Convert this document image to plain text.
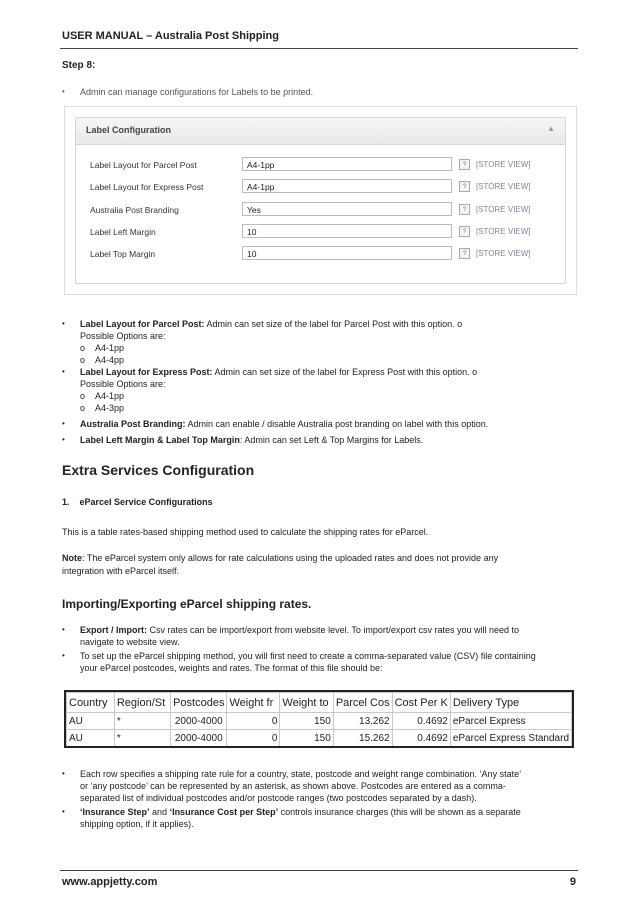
USER MANUAL – Australia Post Shipping
Step 8:
• Admin can manage configurations for Labels to be printed.
Label Configuration	▲
Label Layout for Parcel Post	A4-1pp	?	[STORE VIEW]
Label Layout for Express Post	A4-1pp	?	[STORE VIEW]
Australia Post Branding	Yes	?	[STORE VIEW]
Label Left Margin	10	?	[STORE VIEW]
Label Top Margin	10	?	[STORE VIEW]
• Label Layout for Parcel Post: Admin can set size of the label for Parcel Post with this option. o
Possible Options are:
o A4-1pp
o A4-4pp
• Label Layout for Express Post: Admin can set size of the label for Express Post with this option. o
Possible Options are:
o A4-1pp
o A4-3pp
• Australia Post Branding: Admin can enable / disable Australia post branding on label with this option.
• Label Left Margin & Label Top Margin: Admin can set Left & Top Margins for Labels.
Extra Services Configuration
1. eParcel Service Configurations
This is a table rates-based shipping method used to calculate the shipping rates for eParcel.
Note: The eParcel system only allows for rate calculations using the uploaded rates and does not provide any
integration with eParcel itself.
Importing/Exporting eParcel shipping rates.
• Export / Import: Csv rates can be import/export from website level. To import/export csv rates you will need to
navigate to website view.
• To set up the eParcel shipping method, you will first need to create a comma-separated value (CSV) file containing
your eParcel postcodes, weights and rates. The format of this file should be:
Country	Region/St	Postcodes	Weight fr	Weight to	Parcel Cos	Cost Per K	Delivery Type
AU	*	2000-4000	0	150	13.262	0.4692	eParcel Express
AU	*	2000-4000	0	150	15.262	0.4692	eParcel Express Standard
• Each row specifies a shipping rate rule for a country, state, postcode and weight range combination. ‘Any state’
or ‘any postcode’ can be represented by an asterisk, as shown above. Postcodes are entered as a comma-
separated list of individual postcodes and/or postcode ranges (two postcodes separated by a dash).
• ‘Insurance Step’ and ‘Insurance Cost per Step’ controls insurance charges (this will be shown as a separate
shipping option, if it applies).
www.appjetty.com	9
